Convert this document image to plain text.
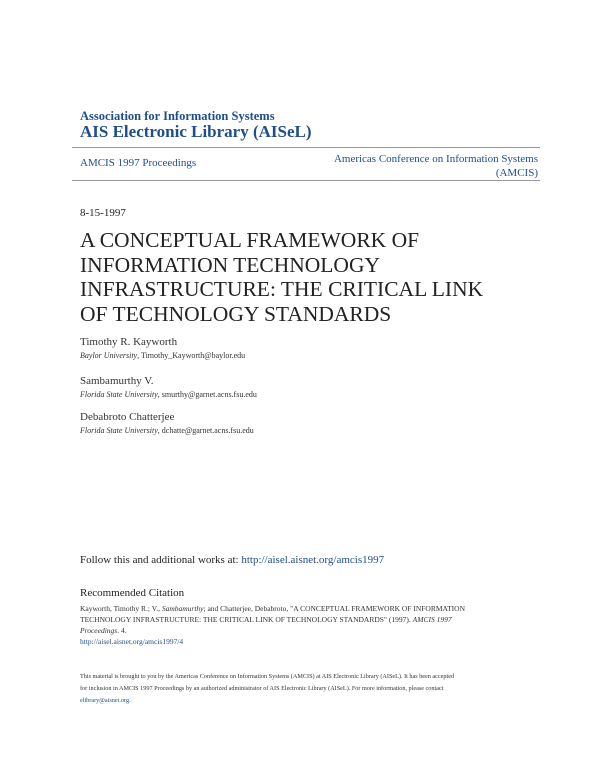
Association for Information Systems
AIS Electronic Library (AISeL)
AMCIS 1997 Proceedings	Americas Conference on Information Systems
(AMCIS)
8-15-1997
A CONCEPTUAL FRAMEWORK OF
INFORMATION TECHNOLOGY
INFRASTRUCTURE: THE CRITICAL LINK
OF TECHNOLOGY STANDARDS
Timothy R. Kayworth
Baylor University, Timothy_Kayworth@baylor.edu
Sambamurthy V.
Florida State University, smurthy@garnet.acns.fsu.edu
Debabroto Chatterjee
Florida State University, dchatte@garnet.acns.fsu.edu
Follow this and additional works at: http://aisel.aisnet.org/amcis1997
Recommended Citation
Kayworth, Timothy R.; V., Sambamurthy; and Chatterjee, Debabroto, "A CONCEPTUAL FRAMEWORK OF INFORMATION
TECHNOLOGY INFRASTRUCTURE: THE CRITICAL LINK OF TECHNOLOGY STANDARDS" (1997). AMCIS 1997
Proceedings. 4.
http://aisel.aisnet.org/amcis1997/4
This material is brought to you by the Americas Conference on Information Systems (AMCIS) at AIS Electronic Library (AISeL). It has been accepted
for inclusion in AMCIS 1997 Proceedings by an authorized administrator of AIS Electronic Library (AISeL). For more information, please contact
elibrary@aisnet.org.
